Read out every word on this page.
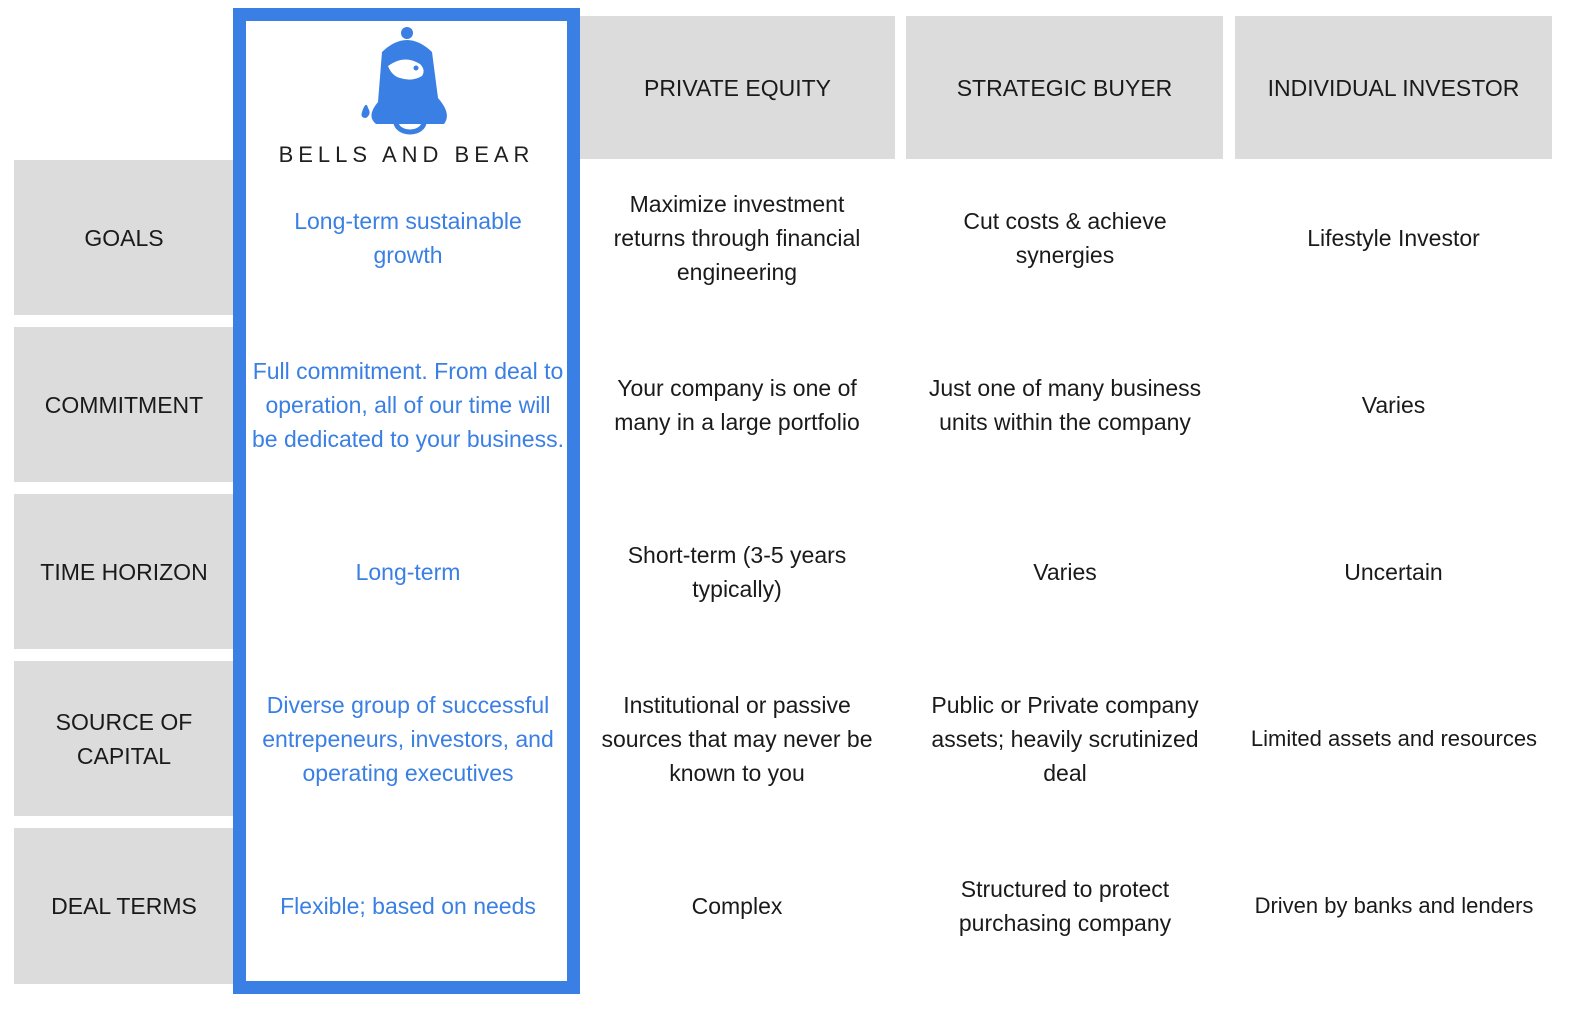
PRIVATE EQUITY	STRATEGIC BUYER	INDIVIDUAL INVESTOR
GOALS
COMMITMENT
TIME HORIZON
SOURCE OF CAPITAL
DEAL TERMS
BELLS AND BEAR
Long-term sustainable growth
Full commitment. From deal to operation, all of our time will be dedicated to your business.
Long-term
Diverse group of successful entrepeneurs, investors, and operating executives
Flexible; based on needs
Maximize investment returns through financial engineering
Your company is one of many in a large portfolio
Short-term (3-5 years typically)
Institutional or passive sources that may never be known to you
Complex
Cut costs & achieve synergies
Just one of many business units within the company
Varies
Public or Private company assets; heavily scrutinized deal
Structured to protect purchasing company
Lifestyle Investor
Varies
Uncertain
Limited assets and resources
Driven by banks and lenders
